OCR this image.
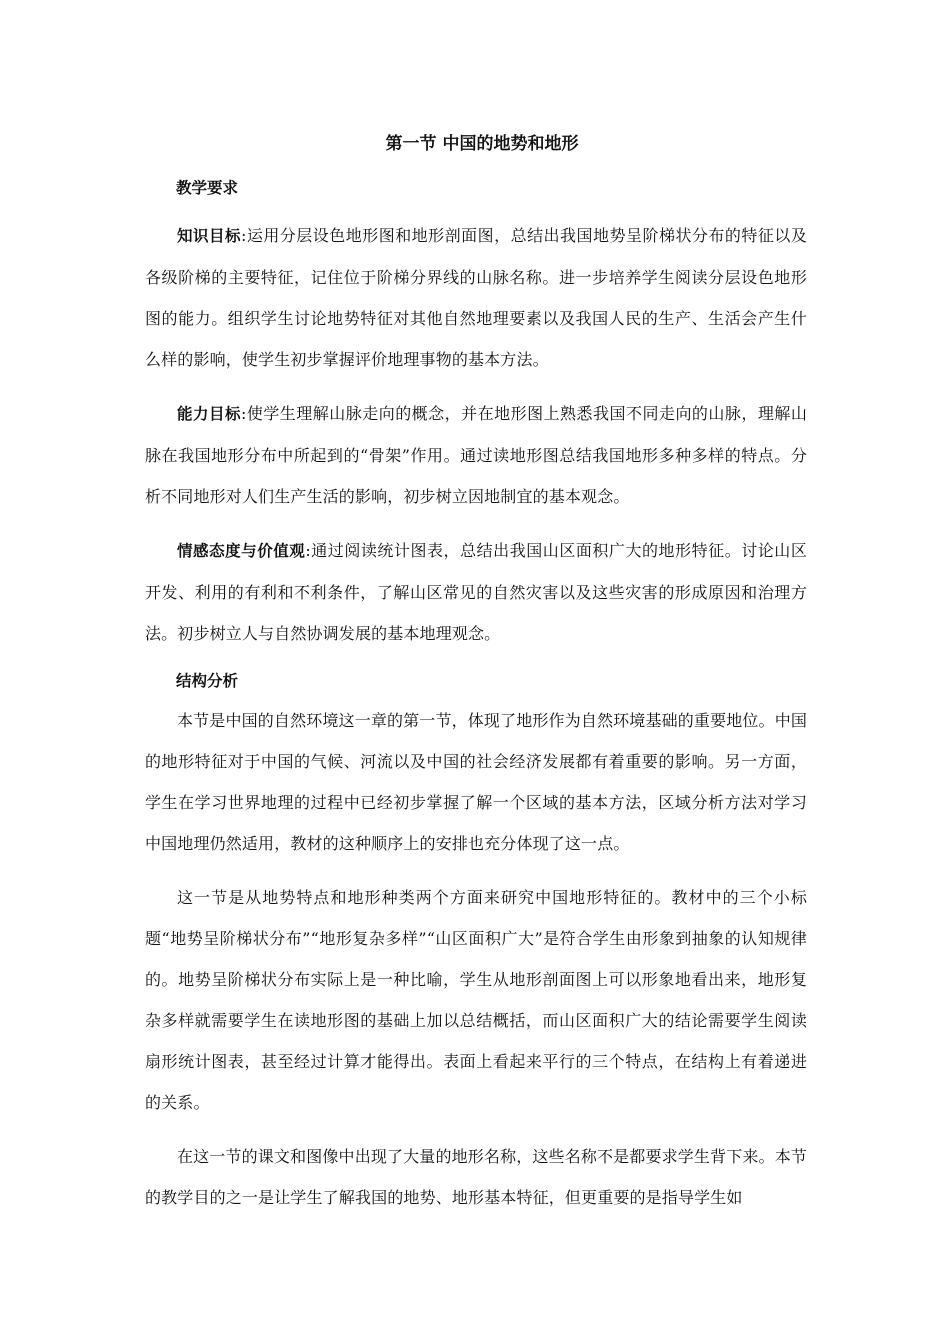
第一节 中国的地势和地形
教学要求

知识目标:运用分层设色地形图和地形剖面图，总结出我国地势呈阶梯状分布的特征以及各级阶梯的主要特征，记住位于阶梯分界线的山脉名称。进一步培养学生阅读分层设色地形图的能力。组织学生讨论地势特征对其他自然地理要素以及我国人民的生产、生活会产生什么样的影响，使学生初步掌握评价地理事物的基本方法。

能力目标:使学生理解山脉走向的概念，并在地形图上熟悉我国不同走向的山脉，理解山脉在我国地形分布中所起到的“骨架”作用。通过读地形图总结我国地形多种多样的特点。分析不同地形对人们生产生活的影响，初步树立因地制宜的基本观念。

情感态度与价值观:通过阅读统计图表，总结出我国山区面积广大的地形特征。讨论山区开发、利用的有利和不利条件，了解山区常见的自然灾害以及这些灾害的形成原因和治理方法。初步树立人与自然协调发展的基本地理观念。

结构分析

本节是中国的自然环境这一章的第一节，体现了地形作为自然环境基础的重要地位。中国的地形特征对于中国的气候、河流以及中国的社会经济发展都有着重要的影响。另一方面，学生在学习世界地理的过程中已经初步掌握了解一个区域的基本方法，区域分析方法对学习中国地理仍然适用，教材的这种顺序上的安排也充分体现了这一点。

这一节是从地势特点和地形种类两个方面来研究中国地形特征的。教材中的三个小标题“地势呈阶梯状分布”“地形复杂多样”“山区面积广大”是符合学生由形象到抽象的认知规律的。地势呈阶梯状分布实际上是一种比喻，学生从地形剖面图上可以形象地看出来，地形复杂多样就需要学生在读地形图的基础上加以总结概括，而山区面积广大的结论需要学生阅读扇形统计图表，甚至经过计算才能得出。表面上看起来平行的三个特点，在结构上有着递进的关系。

在这一节的课文和图像中出现了大量的地形名称，这些名称不是都要求学生背下来。本节的教学目的之一是让学生了解我国的地势、地形基本特征，但更重要的是指导学生如
